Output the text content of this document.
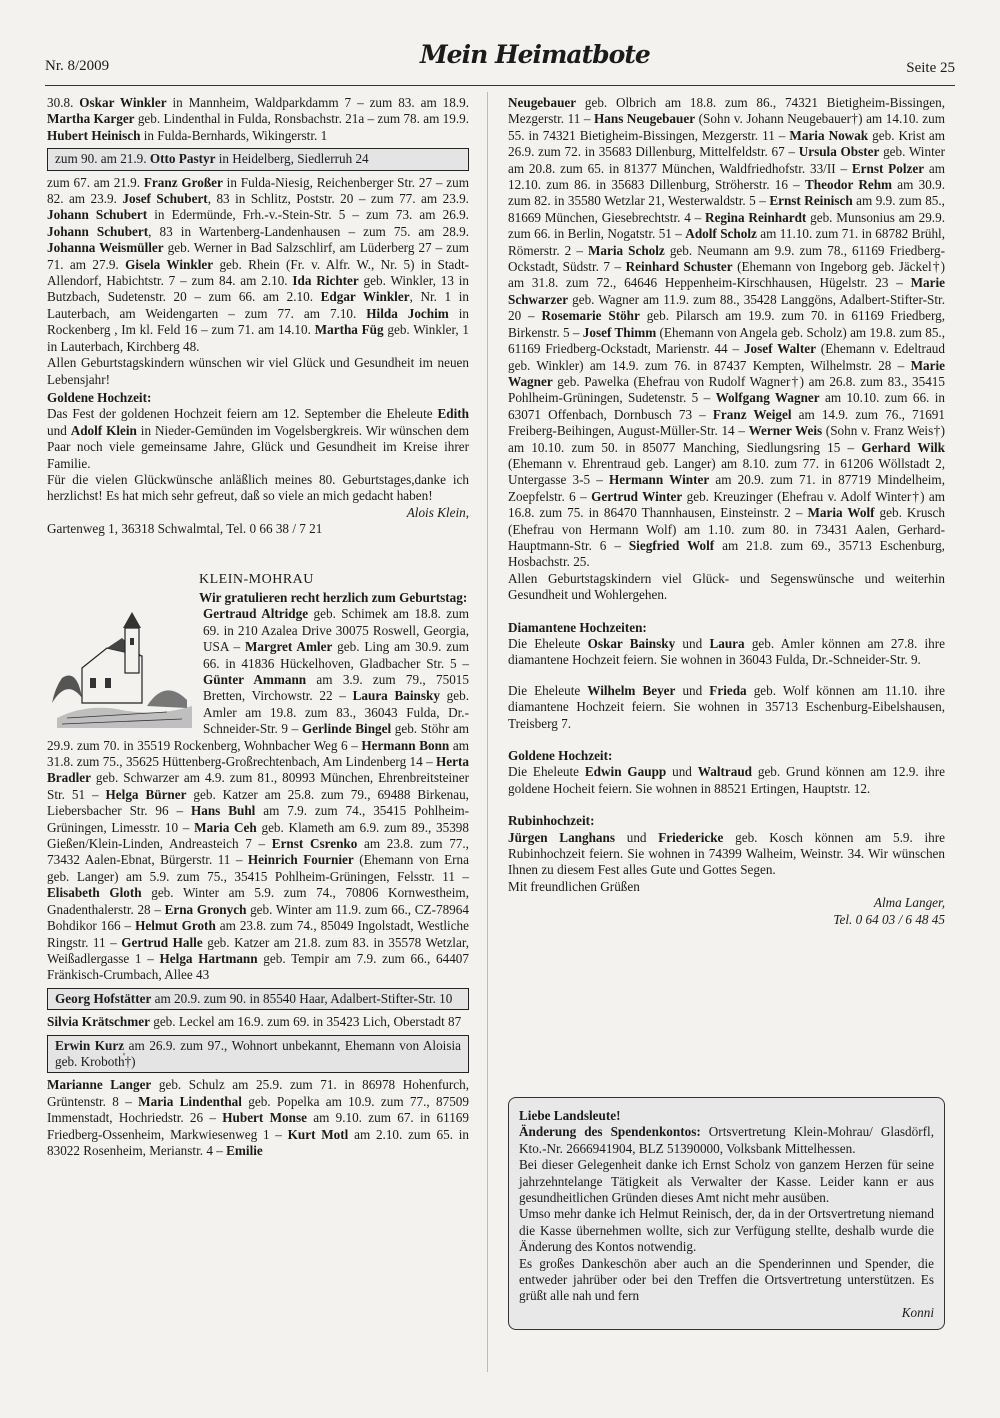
Nr. 8/2009	Mein Heimatbote	Seite 25

30.8. Oskar Winkler in Mannheim, Waldparkdamm 7 – zum 83. am 18.9. Martha Karger geb. Lindenthal in Fulda, Ronsbachstr. 21a – zum 78. am 19.9. Hubert Heinisch in Fulda-Bernhards, Wikingerstr. 1

zum 90. am 21.9. Otto Pastyr in Heidelberg, Siedlerruh 24

zum 67. am 21.9. Franz Großer in Fulda-Niesig, Reichenberger Str. 27 – zum 82. am 23.9. Josef Schubert, 83 in Schlitz, Poststr. 20 – zum 77. am 23.9. Johann Schubert in Edermünde, Frh.-v.-Stein-Str. 5 – zum 73. am 26.9. Johann Schubert, 83 in Wartenberg-Landenhausen – zum 75. am 28.9. Johanna Weismüller geb. Werner in Bad Salzschlirf, am Lüderberg 27 – zum 71. am 27.9. Gisela Winkler geb. Rhein (Fr. v. Alfr. W., Nr. 5) in Stadt-Allendorf, Habichtstr. 7 – zum 84. am 2.10. Ida Richter geb. Winkler, 13 in Butzbach, Sudetenstr. 20 – zum 66. am 2.10. Edgar Winkler, Nr. 1 in Lauterbach, am Weidengarten – zum 77. am 7.10. Hilda Jochim in Rockenberg , Im kl. Feld 16 – zum 71. am 14.10. Martha Füg geb. Winkler, 1 in Lauterbach, Kirchberg 48.

Allen Geburtstagskindern wünschen wir viel Glück und Gesundheit im neuen Lebensjahr!

Goldene Hochzeit:

Das Fest der goldenen Hochzeit feiern am 12. September die Eheleute Edith und Adolf Klein in Nieder-Gemünden im Vogelsbergkreis. Wir wünschen dem Paar noch viele gemeinsame Jahre, Glück und Gesundheit im Kreise ihrer Familie.

Für die vielen Glückwünsche anläßlich meines 80. Geburtstages,danke ich herzlichst! Es hat mich sehr gefreut, daß so viele an mich gedacht haben!

Alois Klein,

Gartenweg 1, 36318 Schwalmtal, Tel. 0 66 38 / 7 21

KLEIN-MOHRAU

Wir gratulieren recht herzlich zum Geburtstag:

Gertraud Altridge geb. Schimek am 18.8. zum 69. in 210 Azalea Drive 30075 Roswell, Georgia, USA – Margret Amler geb. Ling am 30.9. zum 66. in 41836 Hückelhoven, Gladbacher Str. 5 – Günter Ammann am 3.9. zum 79., 75015 Bretten, Virchowstr. 22 – Laura Bainsky geb. Amler am 19.8. zum 83., 36043 Fulda, Dr.-Schneider-Str. 9 – Gerlinde Bingel geb. Stöhr am 29.9. zum 70. in 35519 Rockenberg, Wohnbacher Weg 6 – Hermann Bonn am 31.8. zum 75., 35625 Hüttenberg-Großrechtenbach, Am Lindenberg 14 – Herta Bradler geb. Schwarzer am 4.9. zum 81., 80993 München, Ehrenbreitsteiner Str. 51 – Helga Bürner geb. Katzer am 25.8. zum 79., 69488 Birkenau, Liebersbacher Str. 96 – Hans Buhl am 7.9. zum 74., 35415 Pohlheim-Grüningen, Limesstr. 10 – Maria Ceh geb. Klameth am 6.9. zum 89., 35398 Gießen/Klein-Linden, Andreasteich 7 – Ernst Csrenko am 23.8. zum 77., 73432 Aalen-Ebnat, Bürgerstr. 11 – Heinrich Fournier (Ehemann von Erna geb. Langer) am 5.9. zum 75., 35415 Pohlheim-Grüningen, Felsstr. 11 – Elisabeth Gloth geb. Winter am 5.9. zum 74., 70806 Kornwestheim, Gnadenthalerstr. 28 – Erna Gronych geb. Winter am 11.9. zum 66., CZ-78964 Bohdikor 166 – Helmut Groth am 23.8. zum 74., 85049 Ingolstadt, Westliche Ringstr. 11 – Gertrud Halle geb. Katzer am 21.8. zum 83. in 35578 Wetzlar, Weißadlergasse 1 – Helga Hartmann geb. Tempir am 7.9. zum 66., 64407 Fränkisch-Crumbach, Allee 43

Georg Hofstätter am 20.9. zum 90. in 85540 Haar, Adalbert-Stifter-Str. 10

Silvia Krätschmer geb. Leckel am 16.9. zum 69. in 35423 Lich, Oberstadt 87

Erwin Kurz am 26.9. zum 97., Wohnort unbekannt, Ehemann von Aloisia geb. Krobothࠠ†)

Marianne Langer geb. Schulz am 25.9. zum 71. in 86978 Hohenfurch, Grüntenstr. 8 – Maria Lindenthal geb. Popelka am 10.9. zum 77., 87509 Immenstadt, Hochriedstr. 26 – Hubert Monse am 9.10. zum 67. in 61169 Friedberg-Ossenheim, Markwiesenweg 1 – Kurt Motl am 2.10. zum 65. in 83022 Rosenheim, Merianstr. 4 – Emilie

Neugebauer geb. Olbrich am 18.8. zum 86., 74321 Bietigheim-Bissingen, Mezgerstr. 11 – Hans Neugebauer (Sohn v. Johann Neugebauer†) am 14.10. zum 55. in 74321 Bietigheim-Bissingen, Mezgerstr. 11 – Maria Nowak geb. Krist am 26.9. zum 72. in 35683 Dillenburg, Mittelfeldstr. 67 – Ursula Obster geb. Winter am 20.8. zum 65. in 81377 München, Waldfriedhofstr. 33/II – Ernst Polzer am 12.10. zum 86. in 35683 Dillenburg, Ströherstr. 16 – Theodor Rehm am 30.9. zum 82. in 35580 Wetzlar 21, Westerwaldstr. 5 – Ernst Reinisch am 9.9. zum 85., 81669 München, Giesebrechtstr. 4 – Regina Reinhardt geb. Munsonius am 29.9. zum 66. in Berlin, Nogatstr. 51 – Adolf Scholz am 11.10. zum 71. in 68782 Brühl, Römerstr. 2 – Maria Scholz geb. Neumann am 9.9. zum 78., 61169 Friedberg-Ockstadt, Südstr. 7 – Reinhard Schuster (Ehemann von Ingeborg geb. Jäckel†) am 31.8. zum 72., 64646 Heppenheim-Kirschhausen, Hügelstr. 23 – Marie Schwarzer geb. Wagner am 11.9. zum 88., 35428 Langgöns, Adalbert-Stifter-Str. 20 – Rosemarie Stöhr geb. Pilarsch am 19.9. zum 70. in 61169 Friedberg, Birkenstr. 5 – Josef Thimm (Ehemann von Angela geb. Scholz) am 19.8. zum 85., 61169 Friedberg-Ockstadt, Marienstr. 44 – Josef Walter (Ehemann v. Edeltraud geb. Winkler) am 14.9. zum 76. in 87437 Kempten, Wilhelmstr. 28 – Marie Wagner geb. Pawelka (Ehefrau von Rudolf Wagner†) am 26.8. zum 83., 35415 Pohlheim-Grüningen, Sudetenstr. 5 – Wolfgang Wagner am 10.10. zum 66. in 63071 Offenbach, Dornbusch 73 – Franz Weigel am 14.9. zum 76., 71691 Freiberg-Beihingen, August-Müller-Str. 14 – Werner Weis (Sohn v. Franz Weis†) am 10.10. zum 50. in 85077 Manching, Siedlungsring 15 – Gerhard Wilk (Ehemann v. Ehrentraud geb. Langer) am 8.10. zum 77. in 61206 Wöllstadt 2, Untergasse 3-5 – Hermann Winter am 20.9. zum 71. in 87719 Mindelheim, Zoepfelstr. 6 – Gertrud Winter geb. Kreuzinger (Ehefrau v. Adolf Winter†) am 16.8. zum 75. in 86470 Thannhausen, Einsteinstr. 2 – Maria Wolf geb. Krusch (Ehefrau von Hermann Wolf) am 1.10. zum 80. in 73431 Aalen, Gerhard-Hauptmann-Str. 6 – Siegfried Wolf am 21.8. zum 69., 35713 Eschenburg, Hosbachstr. 25.

Allen Geburtstagskindern viel Glück- und Segenswünsche und weiterhin Gesundheit und Wohlergehen.

Diamantene Hochzeiten:

Die Eheleute Oskar Bainsky und Laura geb. Amler können am 27.8. ihre diamantene Hochzeit feiern. Sie wohnen in 36043 Fulda, Dr.-Schneider-Str. 9.

Die Eheleute Wilhelm Beyer und Frieda geb. Wolf können am 11.10. ihre diamantene Hochzeit feiern. Sie wohnen in 35713 Eschenburg-Eibelshausen, Treisberg 7.

Goldene Hochzeit:

Die Eheleute Edwin Gaupp und Waltraud geb. Grund können am 12.9. ihre goldene Hocheit feiern. Sie wohnen in 88521 Ertingen, Hauptstr. 12.

Rubinhochzeit:

Jürgen Langhans und Friedericke geb. Kosch können am 5.9. ihre Rubinhochzeit feiern. Sie wohnen in 74399 Walheim, Weinstr. 34. Wir wünschen Ihnen zu diesem Fest alles Gute und Gottes Segen.

Mit freundlichen Grüßen

Alma Langer,

Tel. 0 64 03 / 6 48 45

Liebe Landsleute!

Änderung des Spendenkontos: Ortsvertretung Klein-Mohrau/ Glasdörfl, Kto.-Nr. 2666941904, BLZ 51390000, Volksbank Mittelhessen.

Bei dieser Gelegenheit danke ich Ernst Scholz von ganzem Herzen für seine jahrzehntelange Tätigkeit als Verwalter der Kasse. Leider kann er aus gesundheitlichen Gründen dieses Amt nicht mehr ausüben.

Umso mehr danke ich Helmut Reinisch, der, da in der Ortsvertretung niemand die Kasse übernehmen wollte, sich zur Verfügung stellte, deshalb wurde die Änderung des Kontos notwendig.

Es großes Dankeschön aber auch an die Spenderinnen und Spender, die entweder jahrüber oder bei den Treffen die Ortsvertretung unterstützen. Es grüßt alle nah und fern

Konni
